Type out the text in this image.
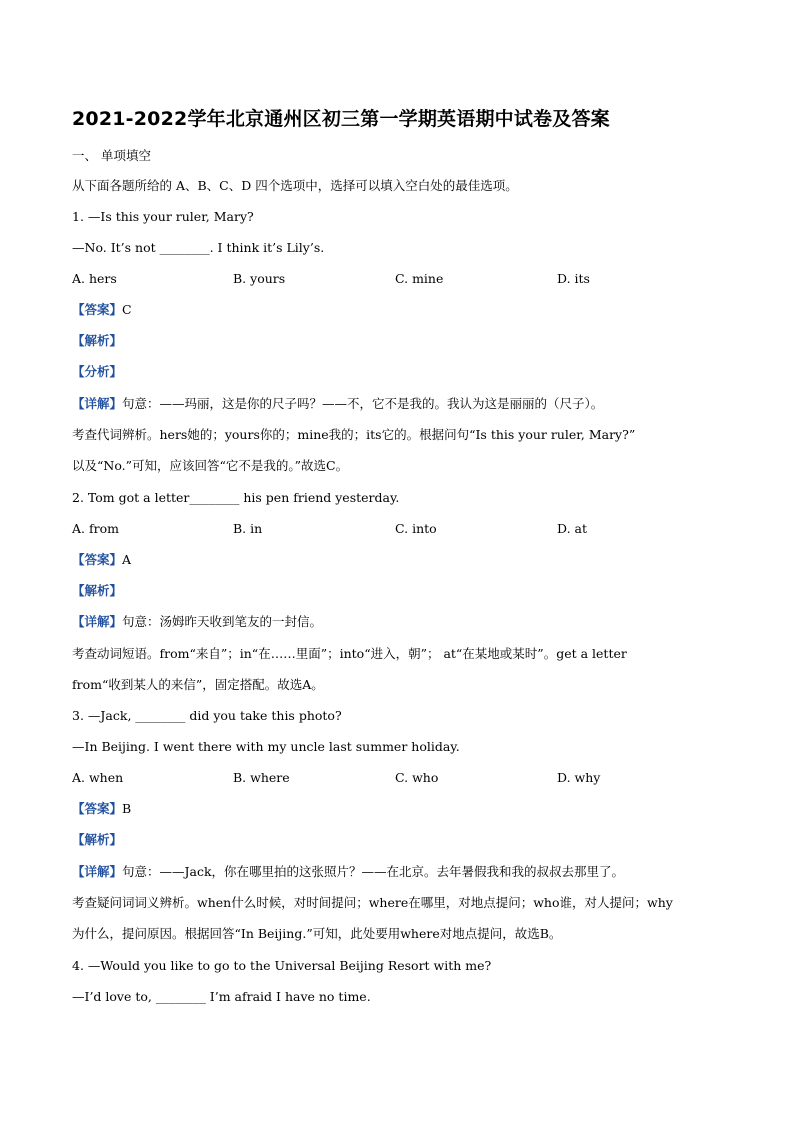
2021-2022学年北京通州区初三第一学期英语期中试卷及答案
一、 单项填空
从下面各题所给的 A、B、C、D 四个选项中，选择可以填入空白处的最佳选项。
1. —Is this your ruler, Mary?
—No. It’s not ________. I think it’s Lily’s.
A. hers	B. yours	C. mine	D. its
【答案】C
【解析】
【分析】
【详解】句意：——玛丽，这是你的尺子吗？——不，它不是我的。我认为这是丽丽的（尺子）。
考查代词辨析。hers她的；yours你的；mine我的；its它的。根据问句“Is this your ruler, Mary?”
以及“No.”可知，应该回答“它不是我的。”故选C。
2. Tom got a letter________ his pen friend yesterday.
A. from	B. in	C. into	D. at
【答案】A
【解析】
【详解】句意：汤姆昨天收到笔友的一封信。
考查动词短语。from“来自”；in“在……里面”；into“进入，朝”； at“在某地或某时”。get a letter
from“收到某人的来信”，固定搭配。故选A。
3. —Jack, ________ did you take this photo?
—In Beijing. I went there with my uncle last summer holiday.
A. when	B. where	C. who	D. why
【答案】B
【解析】
【详解】句意：——Jack，你在哪里拍的这张照片？——在北京。去年暑假我和我的叔叔去那里了。
考查疑问词词义辨析。when什么时候，对时间提问；where在哪里，对地点提问；who谁，对人提问；why
为什么，提问原因。根据回答“In Beijing.”可知，此处要用where对地点提问，故选B。
4. —Would you like to go to the Universal Beijing Resort with me?
—I’d love to, ________ I’m afraid I have no time.
